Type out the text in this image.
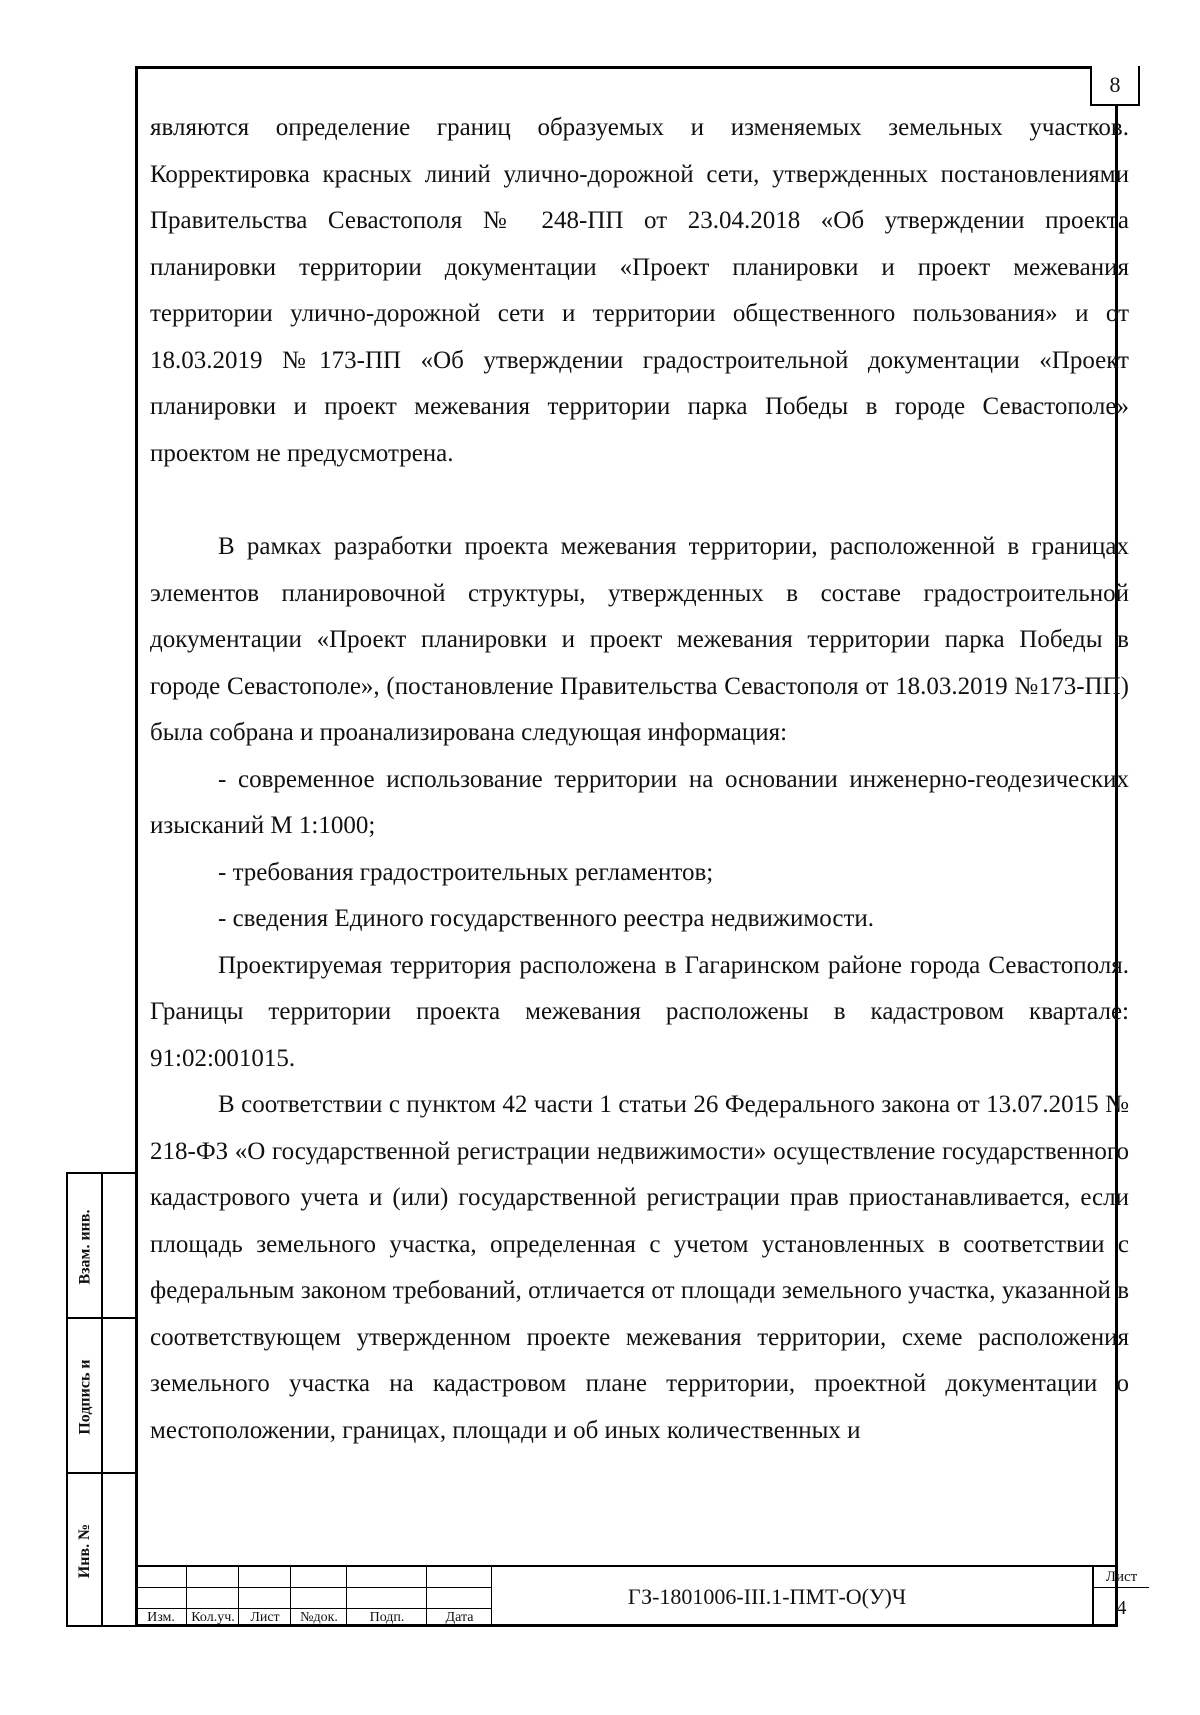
8

являются определение границ образуемых и изменяемых земельных участков. Корректировка красных линий улично-дорожной сети, утвержденных постановлениями Правительства Севастополя № 248-ПП от 23.04.2018 «Об утверждении проекта планировки территории документации «Проект планировки и проект межевания территории улично-дорожной сети и территории общественного пользования» и от 18.03.2019 №173-ПП «Об утверждении градостроительной документации «Проект планировки и проект межевания территории парка Победы в городе Севастополе» проектом не предусмотрена.

В рамках разработки проекта межевания территории, расположенной в границах элементов планировочной структуры, утвержденных в составе градостроительной документации «Проект планировки и проект межевания территории парка Победы в городе Севастополе», (постановление Правительства Севастополя от 18.03.2019 №173-ПП) была собрана и проанализирована следующая информация:

- современное использование территории на основании инженерно-геодезических изысканий М 1:1000;

- требования градостроительных регламентов;

- сведения Единого государственного реестра недвижимости.

Проектируемая территория расположена в Гагаринском районе города Севастополя. Границы территории проекта межевания расположены в кадастровом квартале: 91:02:001015.

В соответствии с пунктом 42 части 1 статьи 26 Федерального закона от 13.07.2015 № 218-ФЗ «О государственной регистрации недвижимости» осуществление государственного кадастрового учета и (или) государственной регистрации прав приостанавливается, если площадь земельного участка, определенная с учетом установленных в соответствии с федеральным законом требований, отличается от площади земельного участка, указанной в соответствующем утвержденном проекте межевания территории, схеме расположения земельного участка на кадастровом плане территории, проектной документации о местоположении, границах, площади и об иных количественных и

Взам. инв.
Подпись и
Инв. №
Изм.	Кол.уч.	Лист	№док.	Подп.	Дата
ГЗ-1801006-III.1-ПМТ-О(У)Ч
Лист
4
